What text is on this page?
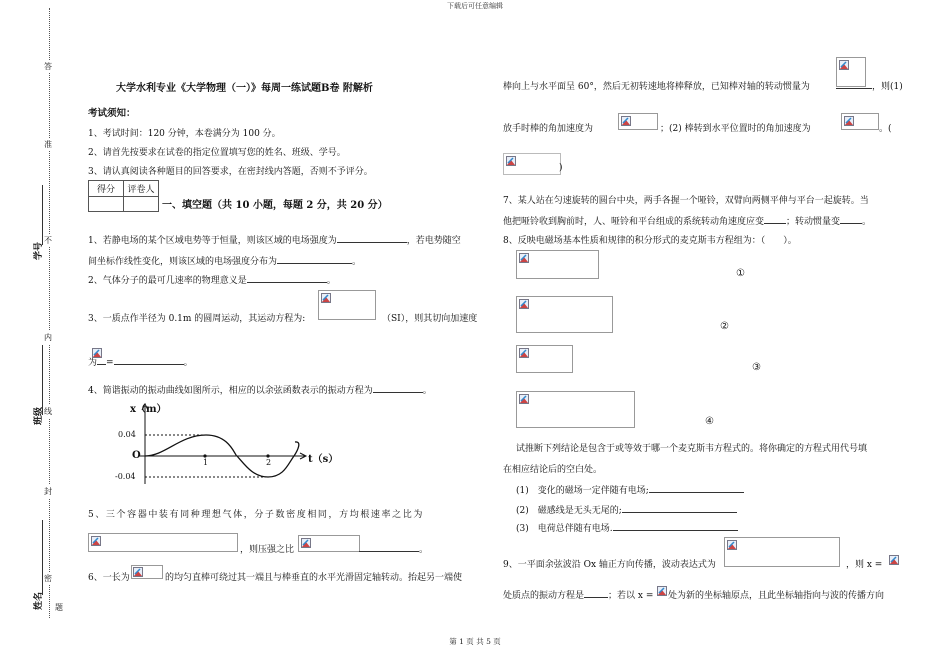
下载后可任意编辑
第 1 页 共 5 页
答
准
不
内
线
封
密
题
学号
班级
姓名
大学水利专业《大学物理（一）》每周一练试题B卷 附解析
考试须知：
1、考试时间：120 分钟，本卷满分为 100 分。
2、请首先按要求在试卷的指定位置填写您的姓名、班级、学号。
3、请认真阅读各种题目的回答要求，在密封线内答题，否则不予评分。
得分	评卷人

一、填空题（共 10 小题，每题 2 分，共 20 分）
1、若静电场的某个区域电势等于恒量，则该区域的电场强度为	，若电势随空
间坐标作线性变化，则该区域的电场强度分布为	。
2、气体分子的最可几速率的物理意义是	。
3、一质点作半径为 0.1m 的圆周运动，其运动方程为:	（SI），则其切向加速度
为 =	。
4、简谐振动的振动曲线如图所示，相应的以余弦函数表示的振动方程为	。
x（m）
t（s）
0.04
-0.04
O
1	2
5、三个容器中装有同种理想气体，分子数密度相同，方均根速率之比为
，则压强之比	。
6、一长为	的均匀直棒可绕过其一端且与棒垂直的水平光滑固定轴转动。抬起另一端使
棒向上与水平面呈 60°，然后无初转速地将棒释放，已知棒对轴的转动惯量为	，则(1)
放手时棒的角加速度为	；(2) 棒转到水平位置时的角加速度为	。(
)
7、某人站在匀速旋转的圆台中央，两手各握一个哑铃，双臂向两侧平伸与平台一起旋转。当
他把哑铃收到胸前时，人、哑铃和平台组成的系统转动角速度应变 ；转动惯量变 。
8、反映电磁场基本性质和规律的积分形式的麦克斯韦方程组为：（　　）。
①
②
③
④
试推断下列结论是包含于或等效于哪一个麦克斯韦方程式的。将你确定的方程式用代号填
在相应结论后的空白处。
(1)　变化的磁场一定伴随有电场;
(2)　磁感线是无头无尾的;
(3)　电荷总伴随有电场.
9、一平面余弦波沿 Ox 轴正方向传播，波动表达式为	，则 x =
处质点的振动方程是	；若以 x = 处为新的坐标轴原点，且此坐标轴指向与波的传播方向
